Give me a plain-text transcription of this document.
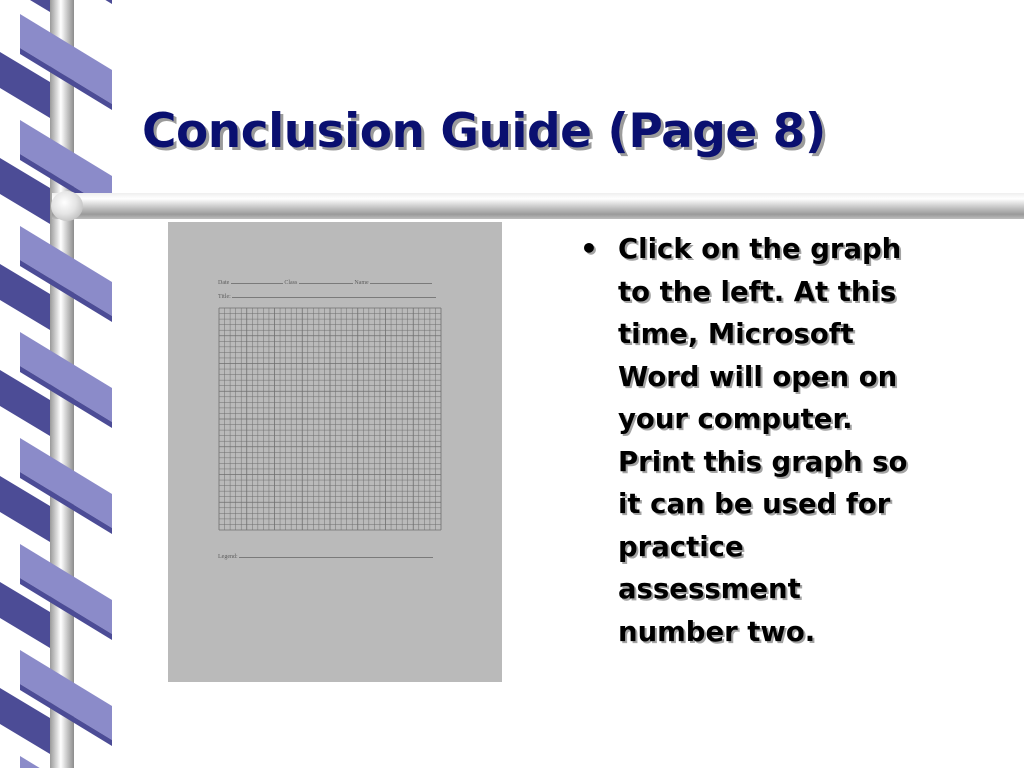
Conclusion Guide (Page 8)
Date	Class	Name
Title:
Legend:
• Click on the graph
to the left. At this
time, Microsoft
Word will open on
your computer.
Print this graph so
it can be used for
practice
assessment
number two.
